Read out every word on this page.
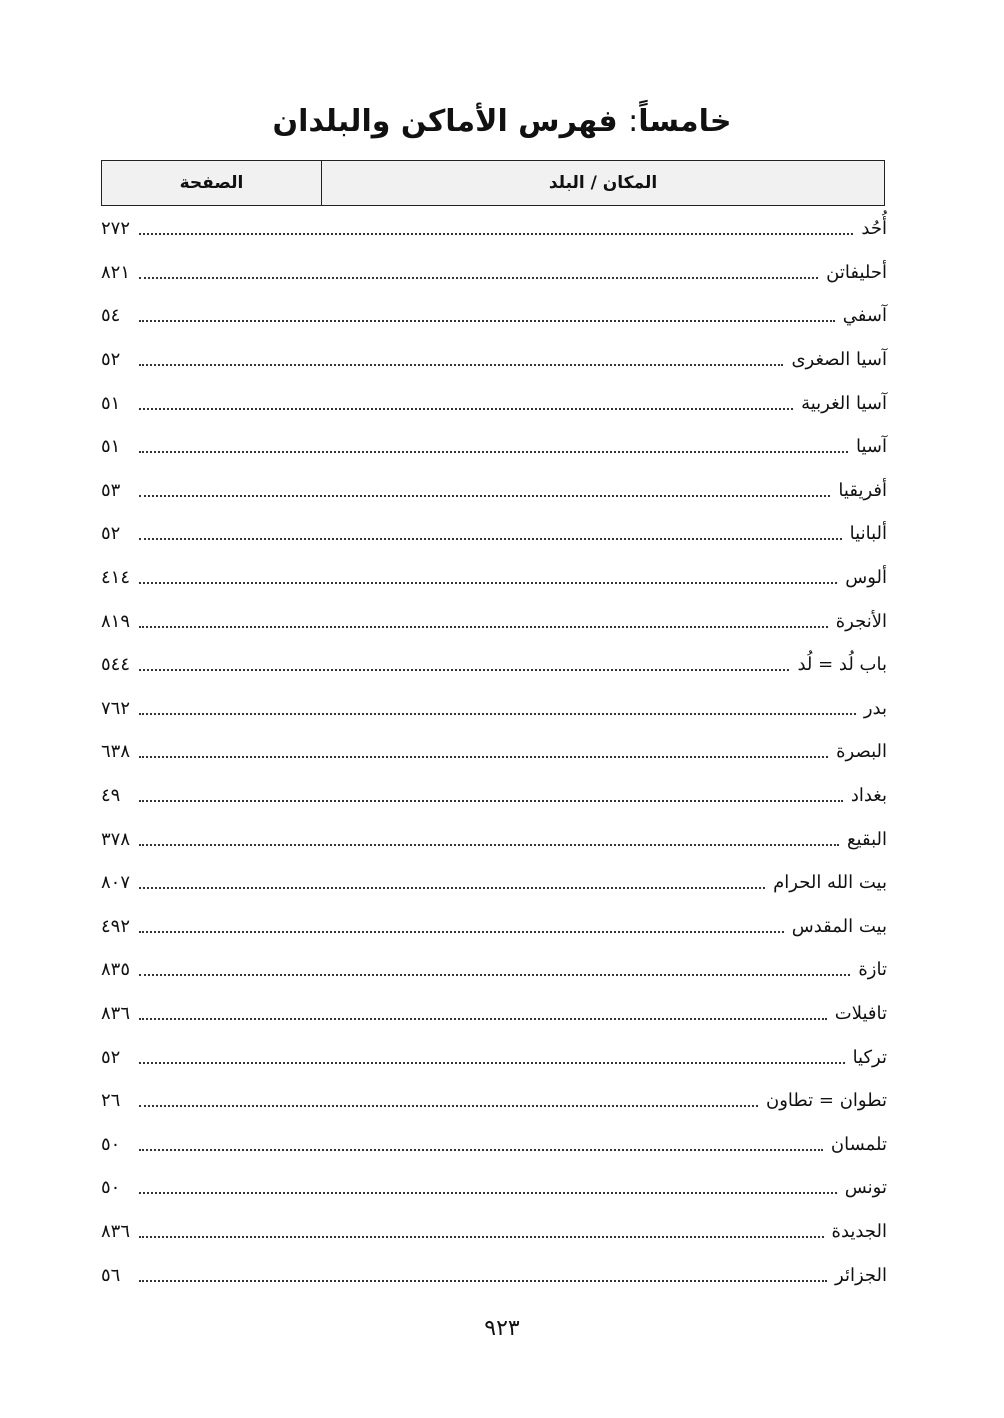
خامساً: فهرس الأماكن والبلدان
المكان / البلد
الصفحة
أُحُد
٢٧٢
أحليفاتن
٨٢١
آسفي
٥٤
آسيا الصغرى
٥٢
آسيا الغربية
٥١
آسيا
٥١
أفريقيا
٥٣
ألبانيا
٥٢
ألوس
٤١٤
الأنجرة
٨١٩
باب لُد = لُد
٥٤٤
بدر
٧٦٢
البصرة
٦٣٨
بغداد
٤٩
البقيع
٣٧٨
بيت الله الحرام
٨٠٧
بيت المقدس
٤٩٢
تازة
٨٣٥
تافيلات
٨٣٦
تركيا
٥٢
تطوان = تطاون
٢٦
تلمسان
٥٠
تونس
٥٠
الجديدة
٨٣٦
الجزائر
٥٦
٩٢٣
